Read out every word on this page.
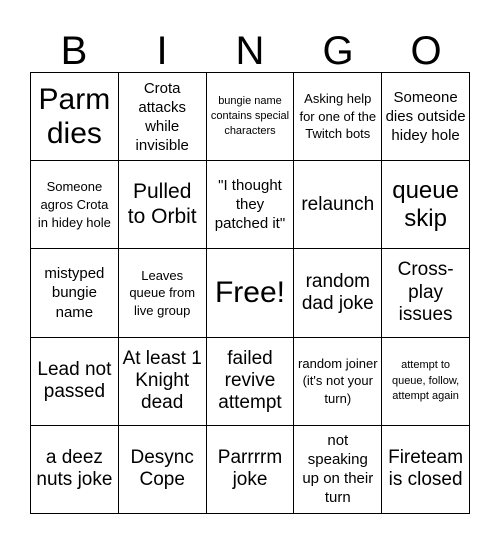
B	I	N	G	O
Parm dies
Crota attacks while invisible
bungie name contains special characters
Asking help for one of the Twitch bots
Someone dies outside hidey hole
Someone agros Crota in hidey hole
Pulled to Orbit
"I thought they patched it"
relaunch queue skip
mistyped bungie name
Leaves queue from live group
Free!	random dad joke
Cross-play issues
Lead not passed
At least 1 Knight dead
failed revive attempt
random joiner (it's not your turn)
attempt to queue, follow, attempt again
a deez nuts joke
Desync Cope
Parrrrm joke
not speaking up on their turn
Fireteam is closed
